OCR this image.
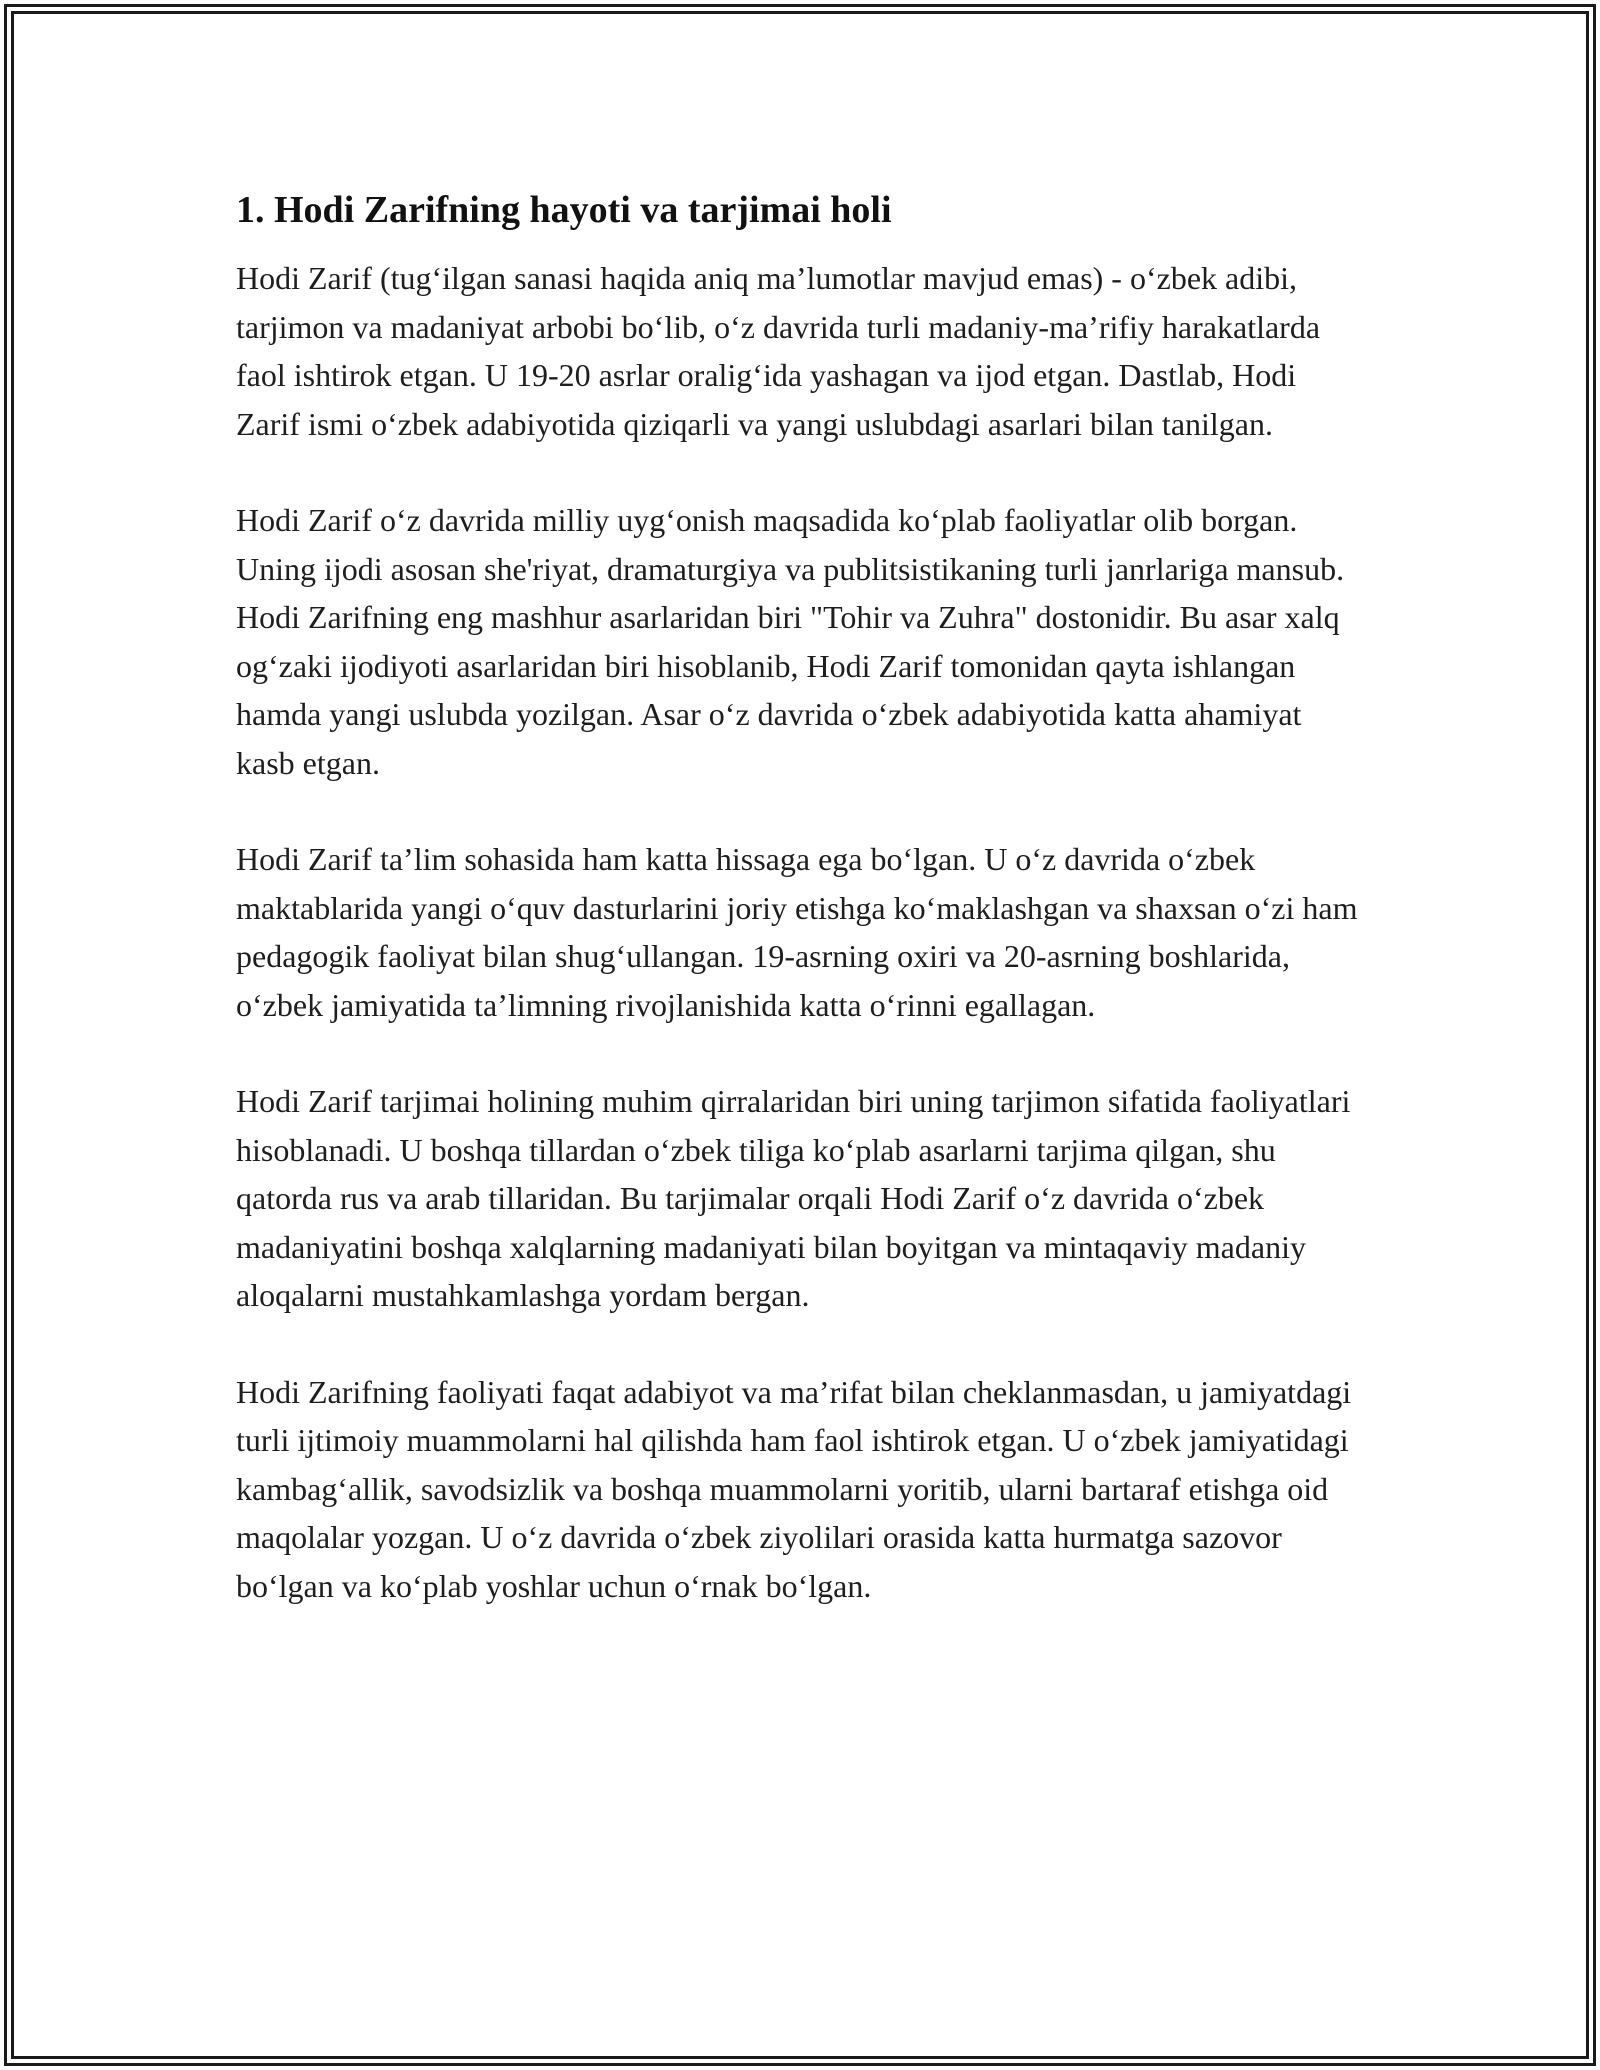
1. Hodi Zarifning hayoti va tarjimai holi

Hodi Zarif (tug‘ilgan sanasi haqida aniq ma’lumotlar mavjud emas) - o‘zbek adibi, tarjimon va madaniyat arbobi bo‘lib, o‘z davrida turli madaniy-ma’rifiy harakatlarda faol ishtirok etgan. U 19-20 asrlar oralig‘ida yashagan va ijod etgan. Dastlab, Hodi Zarif ismi o‘zbek adabiyotida qiziqarli va yangi uslubdagi asarlari bilan tanilgan.

Hodi Zarif o‘z davrida milliy uyg‘onish maqsadida ko‘plab faoliyatlar olib borgan. Uning ijodi asosan she'riyat, dramaturgiya va publitsistikaning turli janrlariga mansub. Hodi Zarifning eng mashhur asarlaridan biri "Tohir va Zuhra" dostonidir. Bu asar xalq og‘zaki ijodiyoti asarlaridan biri hisoblanib, Hodi Zarif tomonidan qayta ishlangan hamda yangi uslubda yozilgan. Asar o‘z davrida o‘zbek adabiyotida katta ahamiyat kasb etgan.

Hodi Zarif ta’lim sohasida ham katta hissaga ega bo‘lgan. U o‘z davrida o‘zbek maktablarida yangi o‘quv dasturlarini joriy etishga ko‘maklashgan va shaxsan o‘zi ham pedagogik faoliyat bilan shug‘ullangan. 19-asrning oxiri va 20-asrning boshlarida, o‘zbek jamiyatida ta’limning rivojlanishida katta o‘rinni egallagan.

Hodi Zarif tarjimai holining muhim qirralaridan biri uning tarjimon sifatida faoliyatlari hisoblanadi. U boshqa tillardan o‘zbek tiliga ko‘plab asarlarni tarjima qilgan, shu qatorda rus va arab tillaridan. Bu tarjimalar orqali Hodi Zarif o‘z davrida o‘zbek madaniyatini boshqa xalqlarning madaniyati bilan boyitgan va mintaqaviy madaniy aloqalarni mustahkamlashga yordam bergan.

Hodi Zarifning faoliyati faqat adabiyot va ma’rifat bilan cheklanmasdan, u jamiyatdagi turli ijtimoiy muammolarni hal qilishda ham faol ishtirok etgan. U o‘zbek jamiyatidagi kambag‘allik, savodsizlik va boshqa muammolarni yoritib, ularni bartaraf etishga oid maqolalar yozgan. U o‘z davrida o‘zbek ziyolilari orasida katta hurmatga sazovor bo‘lgan va ko‘plab yoshlar uchun o‘rnak bo‘lgan.
